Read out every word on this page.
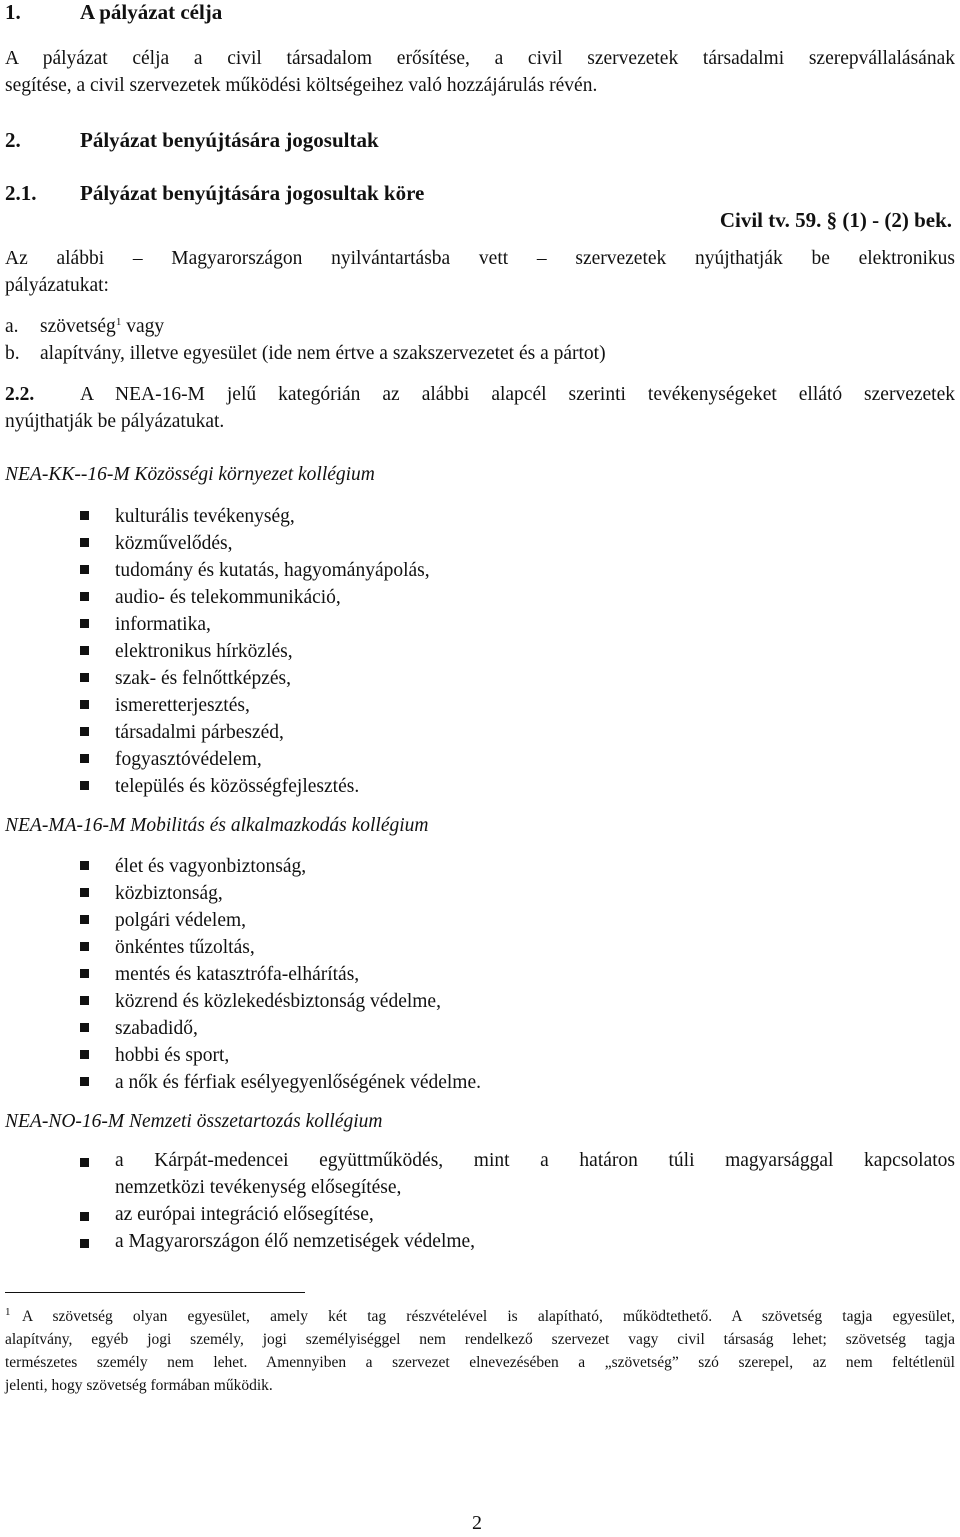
1.	A pályázat célja
A pályázat célja a civil társadalom erősítése, a civil szervezetek társadalmi szerepvállalásának
segítése, a civil szervezetek működési költségeihez való hozzájárulás révén.
2.	Pályázat benyújtására jogosultak
2.1. Pályázat benyújtására jogosultak köre
Civil tv. 59. § (1) - (2) bek.
Az alábbi – Magyarországon nyilvántartásba vett – szervezetek nyújthatják be elektronikus
pályázatukat:
a. szövetség$^1$ vagy
b. alapítvány, illetve egyesület (ide nem értve a szakszervezetet és a pártot)
2.2. A NEA-16-M jelű kategórián az alábbi alapcél szerinti tevékenységeket ellátó szervezetek
nyújthatják be pályázatukat.
NEA-KK--16-M Közösségi környezet kollégium
kulturális tevékenység,
közművelődés,
tudomány és kutatás, hagyományápolás,
audio- és telekommunikáció,
informatika,
elektronikus hírközlés,
szak- és felnőttképzés,
ismeretterjesztés,
társadalmi párbeszéd,
fogyasztóvédelem,
település és közösségfejlesztés.
NEA-MA-16-M Mobilitás és alkalmazkodás kollégium
élet és vagyonbiztonság,
közbiztonság,
polgári védelem,
önkéntes tűzoltás,
mentés és katasztrófa-elhárítás,
közrend és közlekedésbiztonság védelme,
szabadidő,
hobbi és sport,
a nők és férfiak esélyegyenlőségének védelme.
NEA-NO-16-M Nemzeti összetartozás kollégium
a Kárpát-medencei együttműködés, mint a határon túli magyarsággal kapcsolatos
nemzetközi tevékenység elősegítése,
az európai integráció elősegítése,
a Magyarországon élő nemzetiségek védelme,
1 A szövetség olyan egyesület, amely két tag részvételével is alapítható, működtethető. A szövetség tagja egyesület,
alapítvány, egyéb jogi személy, jogi személyiséggel nem rendelkező szervezet vagy civil társaság lehet; szövetség tagja
természetes személy nem lehet. Amennyiben a szervezet elnevezésében a „szövetség” szó szerepel, az nem feltétlenül
jelenti, hogy szövetség formában működik.
2
